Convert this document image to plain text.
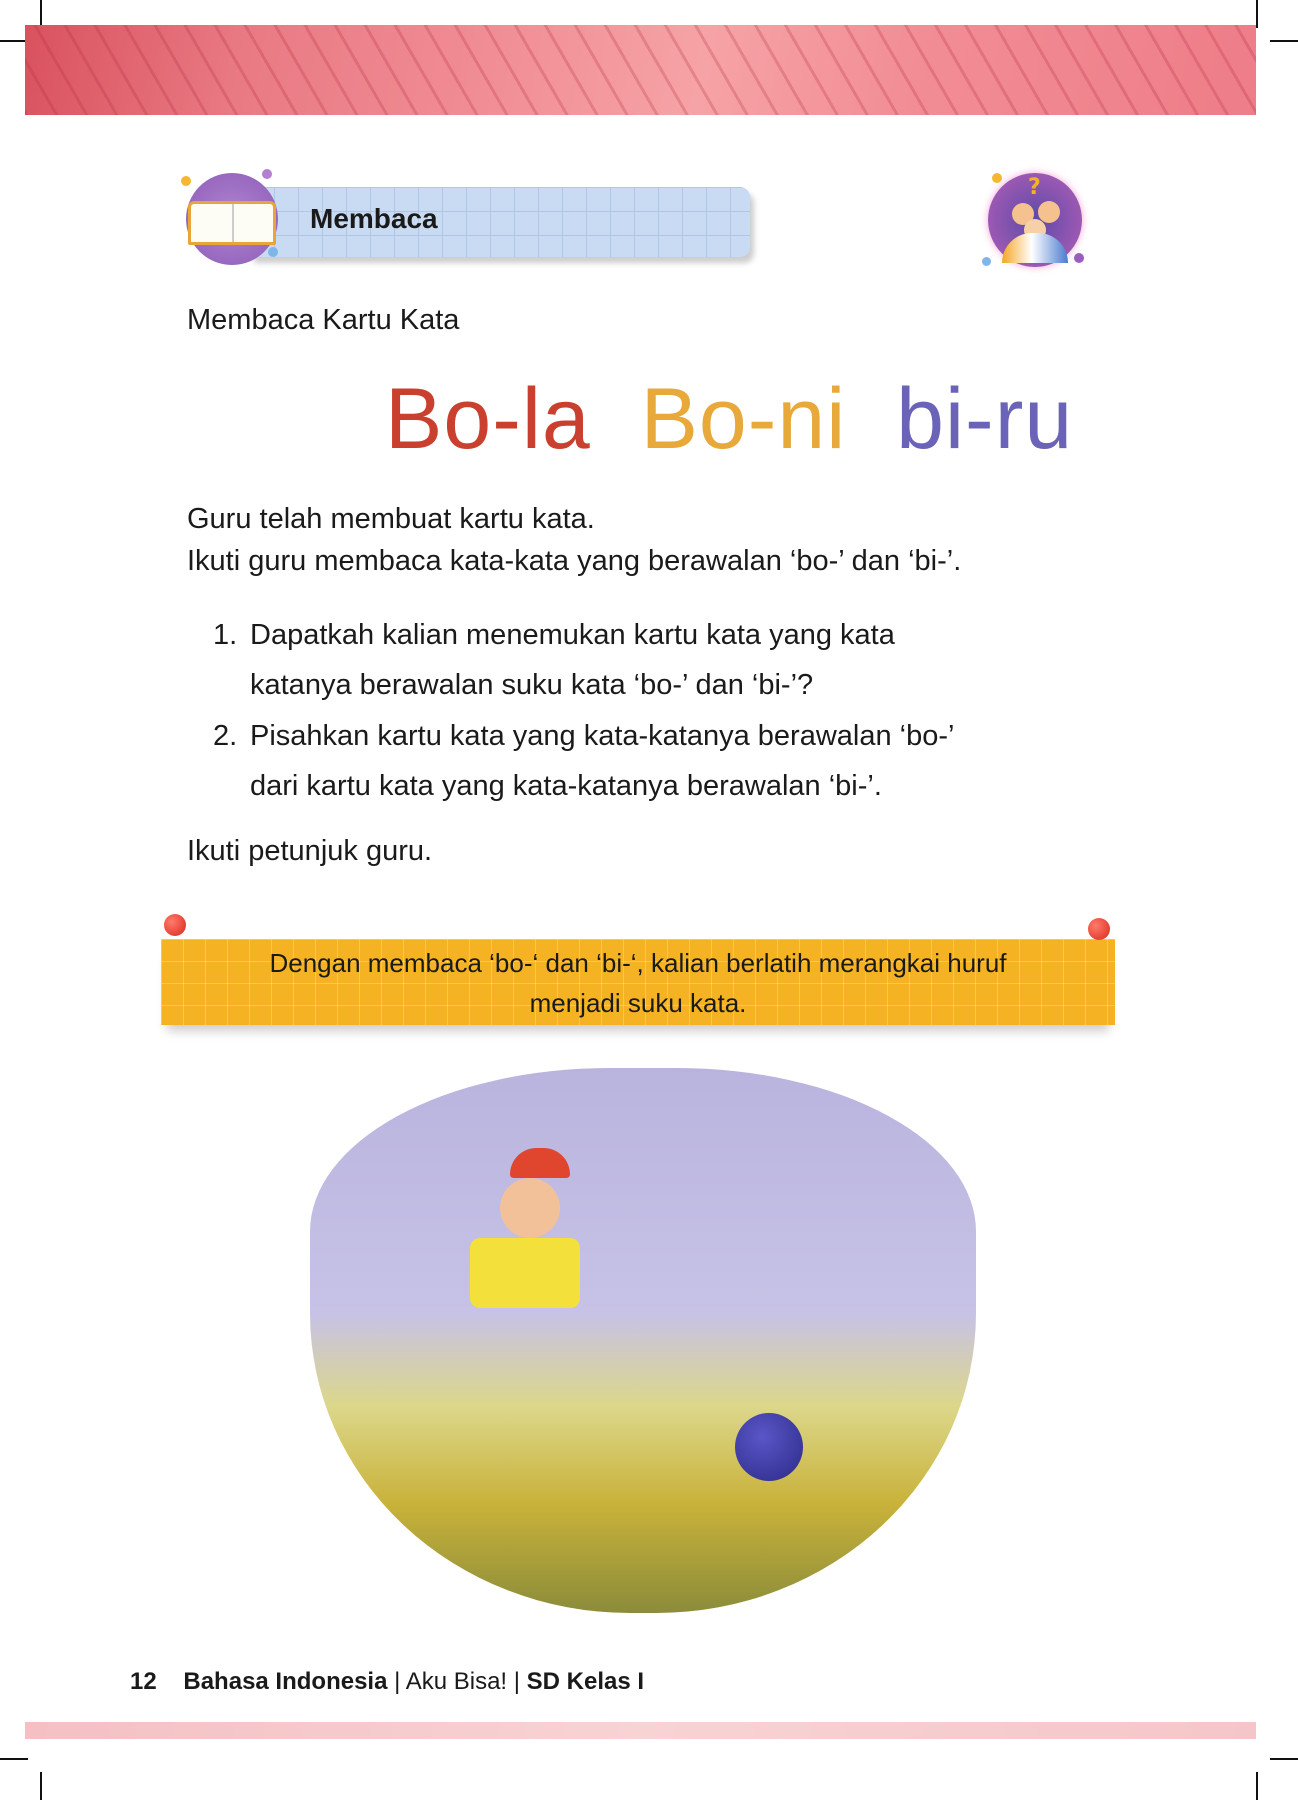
Membaca
?
Membaca Kartu Kata
Bo-la Bo-ni bi-ru
Guru telah membuat kartu kata.
Ikuti guru membaca kata-kata yang berawalan ‘bo-’ dan ‘bi-’.
1. Dapatkah kalian menemukan kartu kata yang kata
katanya berawalan suku kata ‘bo-’ dan ‘bi-’?
2. Pisahkan kartu kata yang kata-katanya berawalan ‘bo-’
dari kartu kata yang kata-katanya berawalan ‘bi-’.
Ikuti petunjuk guru.
Dengan membaca ‘bo-‘ dan ‘bi-‘, kalian berlatih merangkai huruf
menjadi suku kata.
12 Bahasa Indonesia | Aku Bisa! | SD Kelas I
